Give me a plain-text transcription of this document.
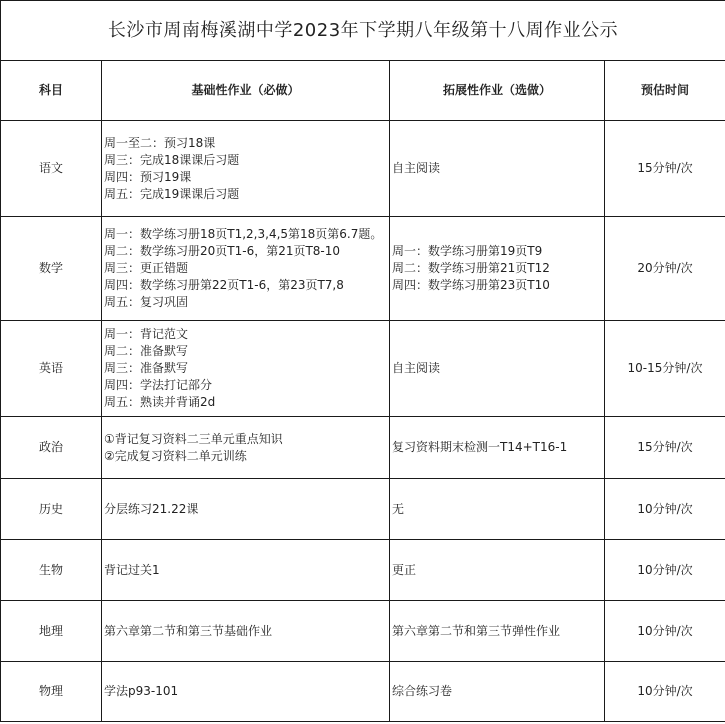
长沙市周南梅溪湖中学2023年下学期八年级第十八周作业公示			
科目	基础性作业（必做）	拓展性作业（选做）	预估时间
语文	周一至二：预习18课
周三：完成18课课后习题
周四：预习19课
周五：完成19课课后习题	自主阅读	15分钟/次
数学	周一：数学练习册18页T1,2,3,4,5第18页第6.7题。
周二：数学练习册20页T1-6，第21页T8-10
周三：更正错题
周四：数学练习册第22页T1-6，第23页T7,8
周五：复习巩固	周一：数学练习册第19页T9
周二：数学练习册第21页T12
周四：数学练习册第23页T10	20分钟/次
英语	周一：背记范文
周二：准备默写
周三：准备默写
周四：学法打记部分
周五：熟读并背诵2d	自主阅读	10-15分钟/次
政治	①背记复习资料二三单元重点知识
②完成复习资料二单元训练	复习资料期末检测一T14+T16-1	15分钟/次
历史	分层练习21.22课	无	10分钟/次
生物	背记过关1	更正	10分钟/次
地理	第六章第二节和第三节基础作业	第六章第二节和第三节弹性作业	10分钟/次
物理	学法p93-101	综合练习卷	10分钟/次
